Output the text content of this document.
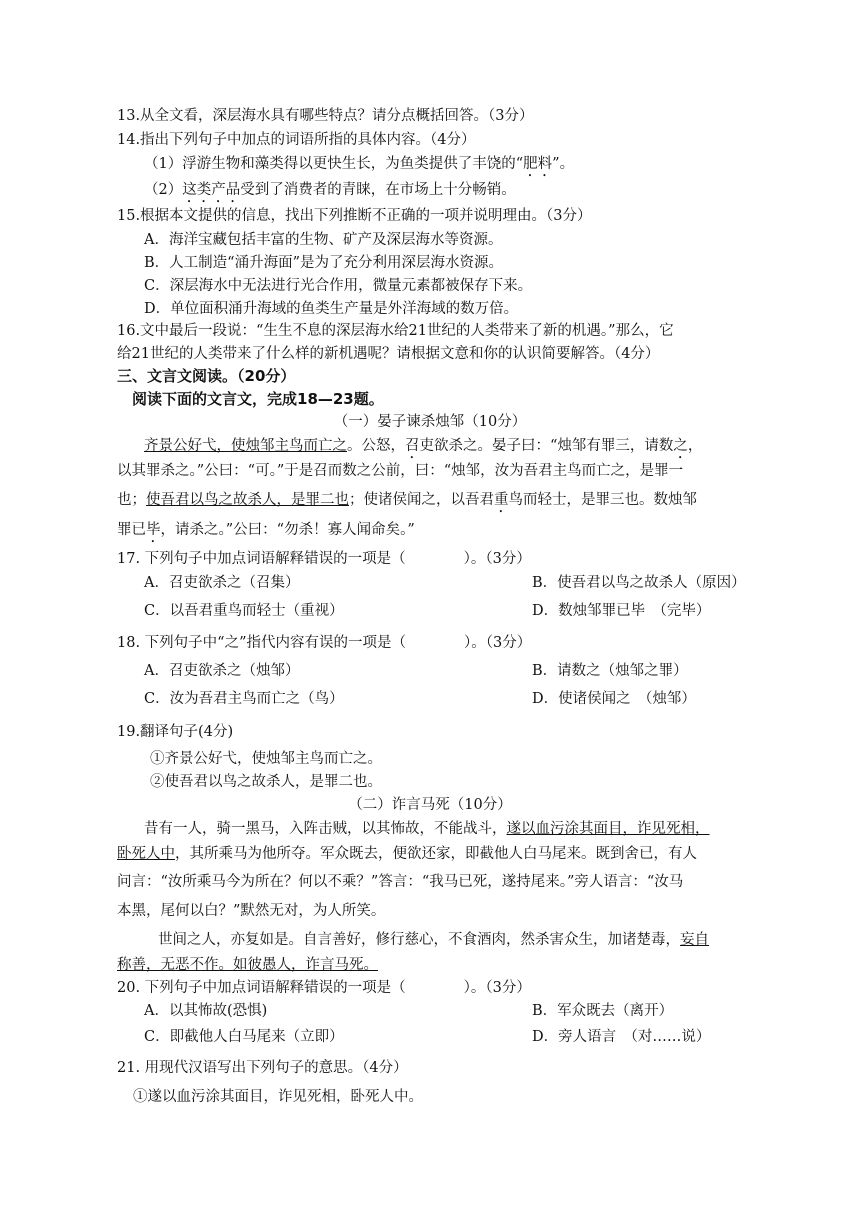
13.从全文看，深层海水具有哪些特点？请分点概括回答。（3分）
14.指出下列句子中加点的词语所指的具体内容。（4分）
（1）浮游生物和藻类得以更快生长，为鱼类提供了丰饶的“肥料”。
（2）这类产品受到了消费者的青睐，在市场上十分畅销。
15.根据本文提供的信息，找出下列推断不正确的一项并说明理由。（3分）
A．海洋宝藏包括丰富的生物、矿产及深层海水等资源。
B．人工制造“涌升海面”是为了充分利用深层海水资源。
C．深层海水中无法进行光合作用，微量元素都被保存下来。
D．单位面积涌升海域的鱼类生产量是外洋海域的数万倍。
16.文中最后一段说：“生生不息的深层海水给21世纪的人类带来了新的机遇。”那么，它
给21世纪的人类带来了什么样的新机遇呢？请根据文意和你的认识简要解答。（4分）
三、文言文阅读。（20分）
阅读下面的文言文，完成18—23题。
（一）晏子谏杀烛邹（10分）
齐景公好弋，使烛邹主鸟而亡之。公怒，召吏欲杀之。晏子曰：“烛邹有罪三，请数之，
以其罪杀之。”公曰：“可。”于是召而数之公前，曰：“烛邹，汝为吾君主鸟而亡之，是罪一
也；使吾君以鸟之故杀人，是罪二也；使诸侯闻之，以吾君重鸟而轻士，是罪三也。数烛邹
罪已毕，请杀之。”公曰：“勿杀！寡人闻命矣。”
17. 下列句子中加点词语解释错误的一项是（　　　　）。（3分）
A．召吏欲杀之（召集）	B．使吾君以鸟之故杀人（原因）
C．以吾君重鸟而轻士（重视）	D．数烛邹罪已毕　（完毕）
18. 下列句子中“之”指代内容有误的一项是（　　　　）。（3分）
A．召吏欲杀之（烛邹）	B．请数之（烛邹之罪）
C．汝为吾君主鸟而亡之（鸟）	D．使诸侯闻之　（烛邹）
19.翻译句子(4分)
①齐景公好弋，使烛邹主鸟而亡之。
②使吾君以鸟之故杀人，是罪二也。
（二）诈言马死（10分）
昔有一人，骑一黑马，入阵击贼，以其怖故，不能战斗，遂以血污涂其面目，诈见死相，
卧死人中，其所乘马为他所夺。军众既去，便欲还家，即截他人白马尾来。既到舍已，有人
问言：“汝所乘马今为所在？何以不乘？”答言：“我马已死，遂持尾来。”旁人语言：“汝马
本黑，尾何以白？”默然无对，为人所笑。
世间之人，亦复如是。自言善好，修行慈心，不食酒肉，然杀害众生，加诸楚毒，妄自
称善，无恶不作。如彼愚人，诈言马死。
20. 下列句子中加点词语解释错误的一项是（　　　　）。（3分）
A．以其怖故(恐惧)	B．军众既去（离开）
C．即截他人白马尾来（立即）	D．旁人语言　（对……说）
21. 用现代汉语写出下列句子的意思。（4分）
①遂以血污涂其面目，诈见死相，卧死人中。
